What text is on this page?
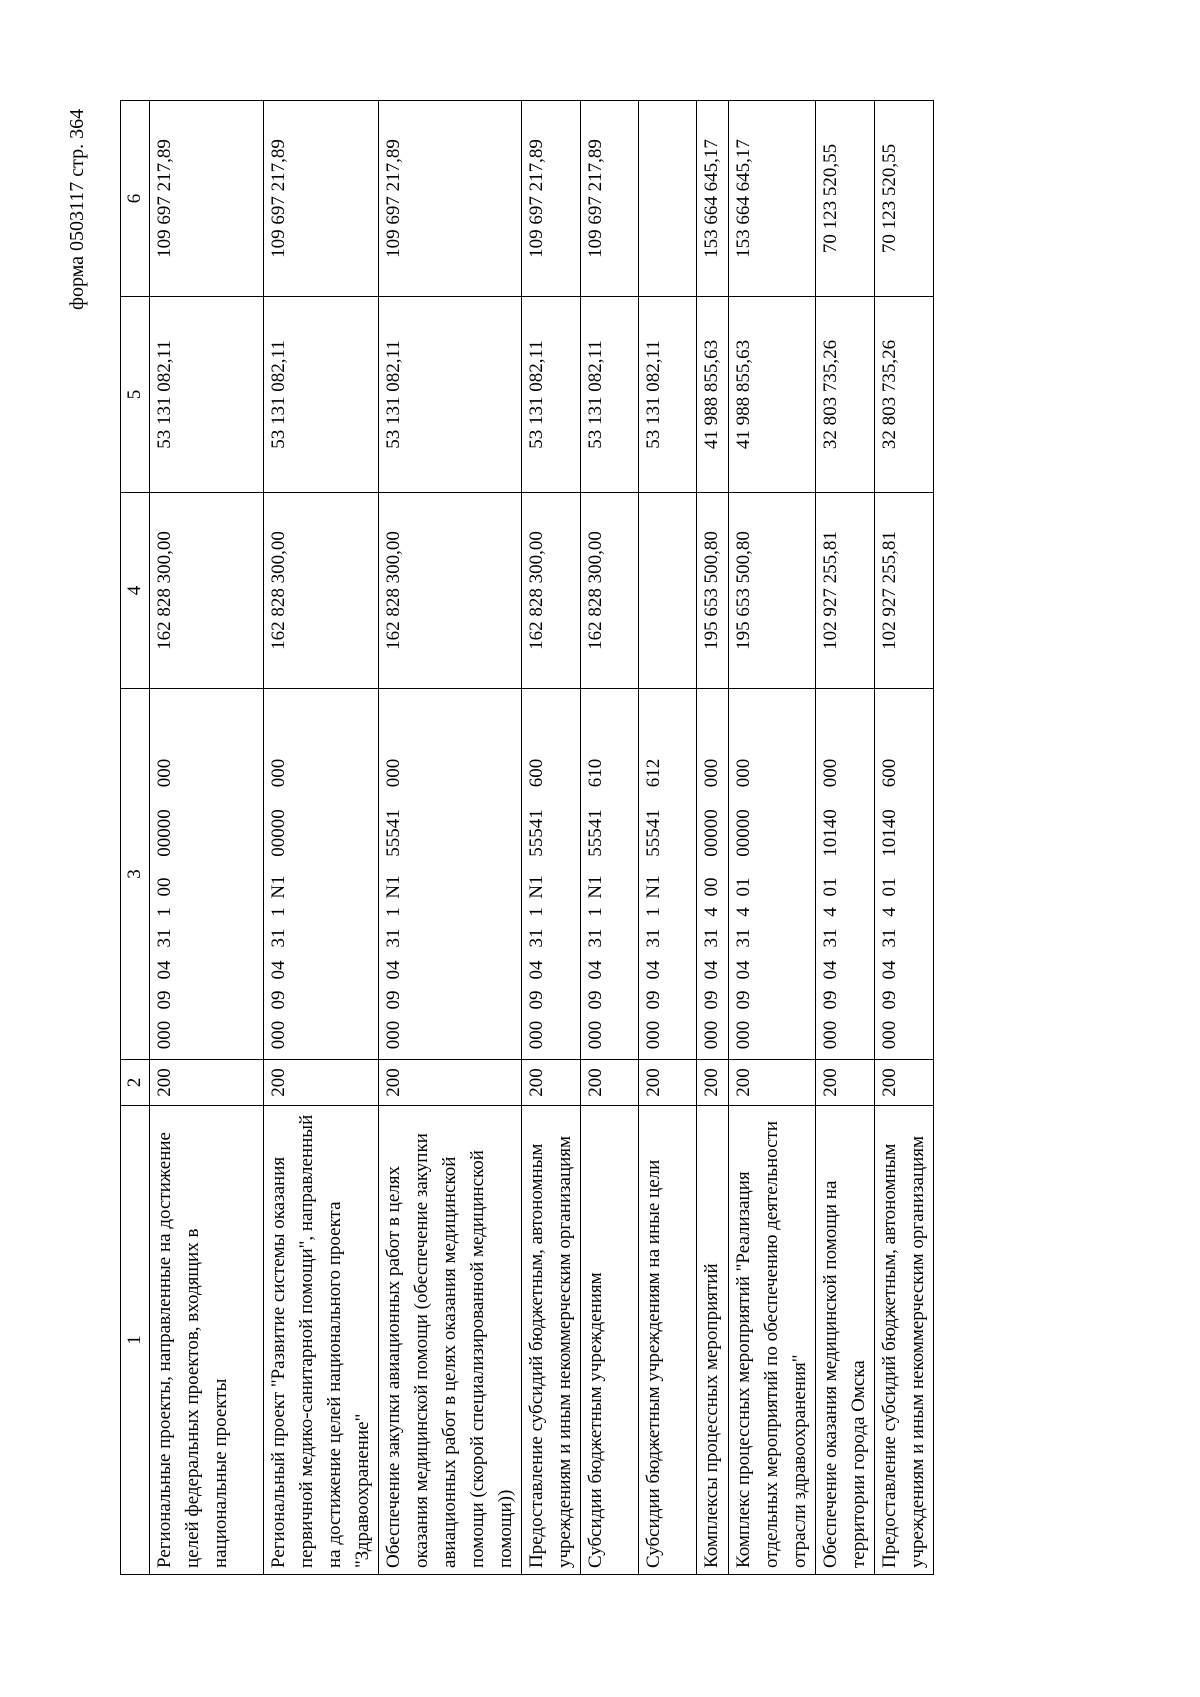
форма 0503117 стр. 364
1	2	3	4	5	6
Региональные проекты, направленные на достижение целей федеральных проектов, входящих в национальные проекты	200	00009043110000000000	162 828 300,00	53 131 082,11	109 697 217,89
Региональный проект "Развитие системы оказания первичной медико-санитарной помощи", направленный на достижение целей национального проекта "Здравоохранение"	200	0000904311N100000000	162 828 300,00	53 131 082,11	109 697 217,89
Обеспечение закупки авиационных работ в целях оказания медицинской помощи (обеспечение закупки авиационных работ в целях оказания медицинской помощи (скорой специализированной медицинской помощи))	200	0000904311N155541000	162 828 300,00	53 131 082,11	109 697 217,89
Предоставление субсидий бюджетным, автономным учреждениям и иным некоммерческим организациям	200	0000904311N155541600	162 828 300,00	53 131 082,11	109 697 217,89
Субсидии бюджетным учреждениям	200	0000904311N155541610	162 828 300,00	53 131 082,11	109 697 217,89
Субсидии бюджетным учреждениям на иные цели	200	0000904311N155541612		53 131 082,11	
Комплексы процессных мероприятий	200	00009043140000000000	195 653 500,80	41 988 855,63	153 664 645,17
Комплекс процессных мероприятий "Реализация отдельных мероприятий по обеспечению деятельности отрасли здравоохранения"	200	00009043140100000000	195 653 500,80	41 988 855,63	153 664 645,17
Обеспечение оказания медицинской помощи на территории города Омска	200	00009043140110140000	102 927 255,81	32 803 735,26	70 123 520,55
Предоставление субсидий бюджетным, автономным учреждениям и иным некоммерческим организациям	200	00009043140110140600	102 927 255,81	32 803 735,26	70 123 520,55
